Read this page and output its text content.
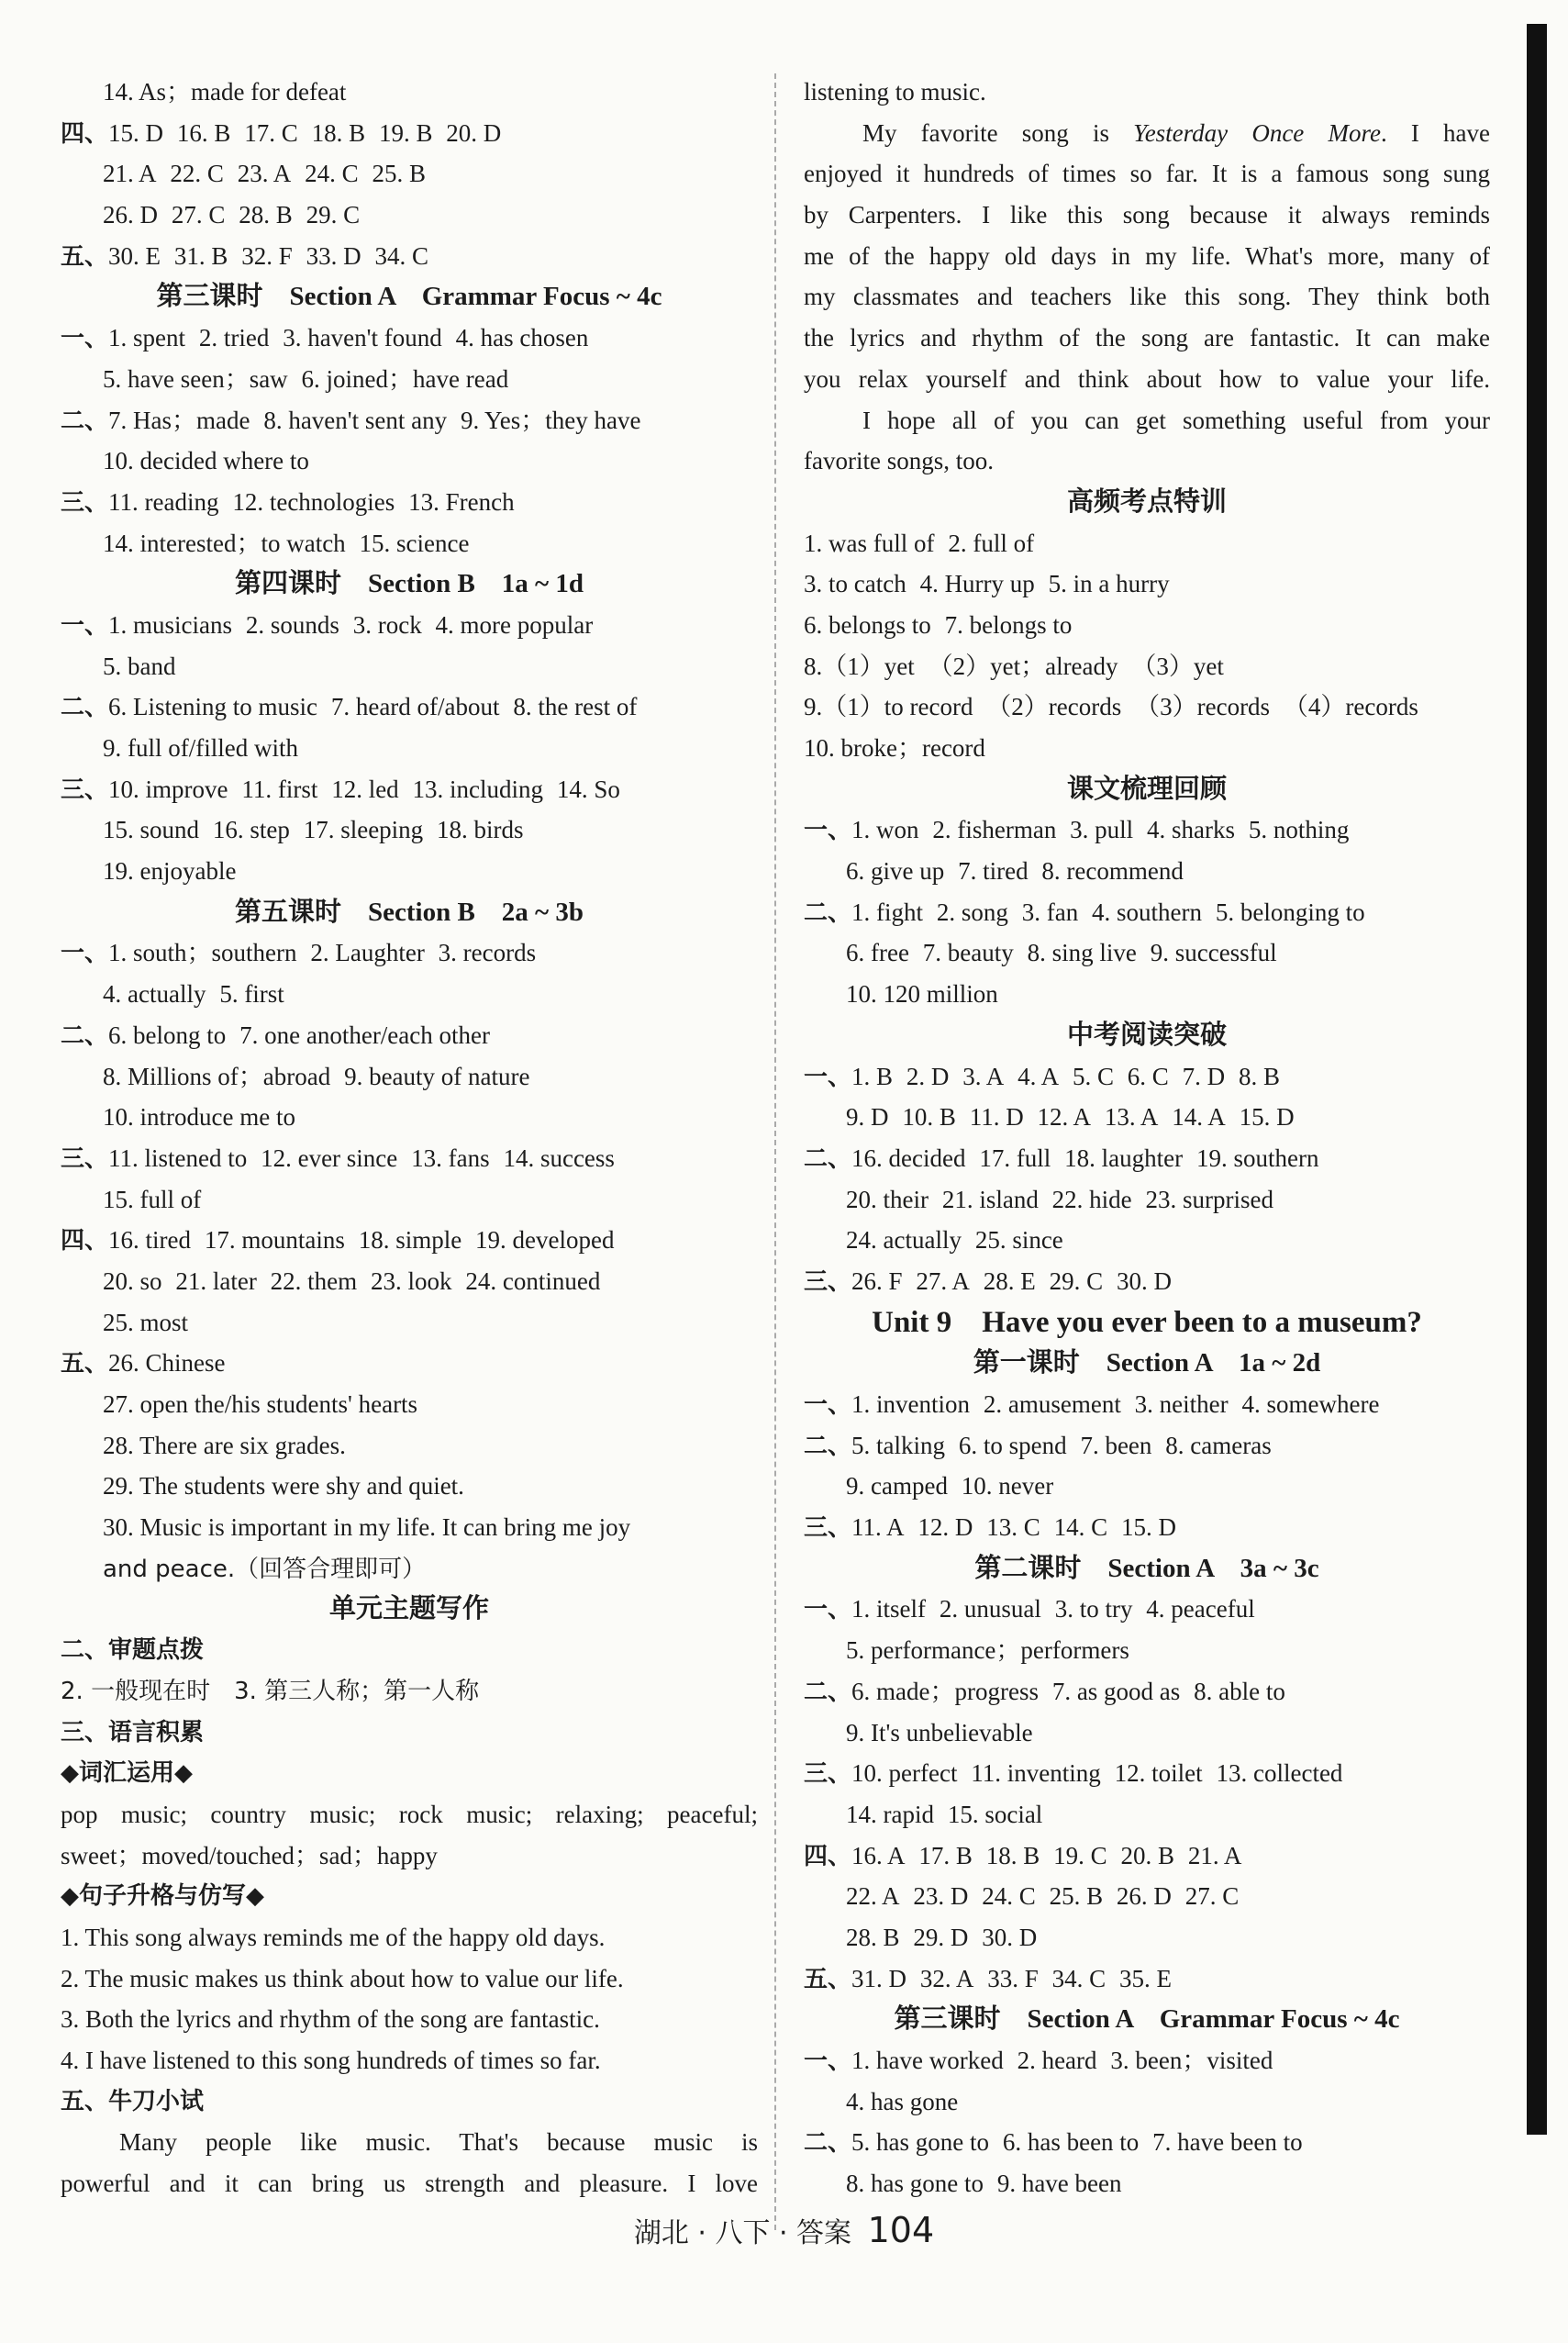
14. As；made for defeat
四、15. D 16. B 17. C 18. B 19. B 20. D
21. A 22. C 23. A 24. C 25. B
26. D 27. C 28. B 29. C
五、30. E 31. B 32. F 33. D 34. C
第三课时　Section A　Grammar Focus ~ 4c
一、1. spent 2. tried 3. haven't found 4. has chosen
5. have seen；saw 6. joined；have read
二、7. Has；made 8. haven't sent any 9. Yes；they have
10. decided where to
三、11. reading 12. technologies 13. French
14. interested；to watch 15. science
第四课时　Section B　1a ~ 1d
一、1. musicians 2. sounds 3. rock 4. more popular
5. band
二、6. Listening to music 7. heard of/about 8. the rest of
9. full of/filled with
三、10. improve 11. first 12. led 13. including 14. So
15. sound 16. step 17. sleeping 18. birds
19. enjoyable
第五课时　Section B　2a ~ 3b
一、1. south；southern 2. Laughter 3. records
4. actually 5. first
二、6. belong to 7. one another/each other
8. Millions of；abroad 9. beauty of nature
10. introduce me to
三、11. listened to 12. ever since 13. fans 14. success
15. full of
四、16. tired 17. mountains 18. simple 19. developed
20. so 21. later 22. them 23. look 24. continued
25. most
五、26. Chinese
27. open the/his students' hearts
28. There are six grades.
29. The students were shy and quiet.
30. Music is important in my life. It can bring me joy
and peace.（回答合理即可）
单元主题写作
二、审题点拨
2. 一般现在时　3. 第三人称；第一人称
三、语言积累
◆词汇运用◆
pop music; country music; rock music; relaxing; peaceful;
sweet；moved/touched；sad；happy
◆句子升格与仿写◆
1. This song always reminds me of the happy old days.
2. The music makes us think about how to value our life.
3. Both the lyrics and rhythm of the song are fantastic.
4. I have listened to this song hundreds of times so far.
五、牛刀小试
Many people like music. That's because music is
powerful and it can bring us strength and pleasure. I love
listening to music.
My favorite song is Yesterday Once More. I have
enjoyed it hundreds of times so far. It is a famous song sung
by Carpenters. I like this song because it always reminds
me of the happy old days in my life. What's more, many of
my classmates and teachers like this song. They think both
the lyrics and rhythm of the song are fantastic. It can make
you relax yourself and think about how to value your life.
I hope all of you can get something useful from your
favorite songs, too.
高频考点特训
1. was full of 2. full of
3. to catch 4. Hurry up 5. in a hurry
6. belongs to 7. belongs to
8.（1）yet （2）yet；already （3）yet
9.（1）to record （2）records （3）records （4）records
10. broke；record
课文梳理回顾
一、1. won 2. fisherman 3. pull 4. sharks 5. nothing
6. give up 7. tired 8. recommend
二、1. fight 2. song 3. fan 4. southern 5. belonging to
6. free 7. beauty 8. sing live 9. successful
10. 120 million
中考阅读突破
一、1. B 2. D 3. A 4. A 5. C 6. C 7. D 8. B
9. D 10. B 11. D 12. A 13. A 14. A 15. D
二、16. decided 17. full 18. laughter 19. southern
20. their 21. island 22. hide 23. surprised
24. actually 25. since
三、26. F 27. A 28. E 29. C 30. D
Unit 9　Have you ever been to a museum?
第一课时　Section A　1a ~ 2d
一、1. invention 2. amusement 3. neither 4. somewhere
二、5. talking 6. to spend 7. been 8. cameras
9. camped 10. never
三、11. A 12. D 13. C 14. C 15. D
第二课时　Section A　3a ~ 3c
一、1. itself 2. unusual 3. to try 4. peaceful
5. performance；performers
二、6. made；progress 7. as good as 8. able to
9. It's unbelievable
三、10. perfect 11. inventing 12. toilet 13. collected
14. rapid 15. social
四、16. A 17. B 18. B 19. C 20. B 21. A
22. A 23. D 24. C 25. B 26. D 27. C
28. B 29. D 30. D
五、31. D 32. A 33. F 34. C 35. E
第三课时　Section A　Grammar Focus ~ 4c
一、1. have worked 2. heard 3. been；visited
4. has gone
二、5. has gone to 6. has been to 7. have been to
8. has gone to 9. have been
湖北 · 八下 · 答案 104
